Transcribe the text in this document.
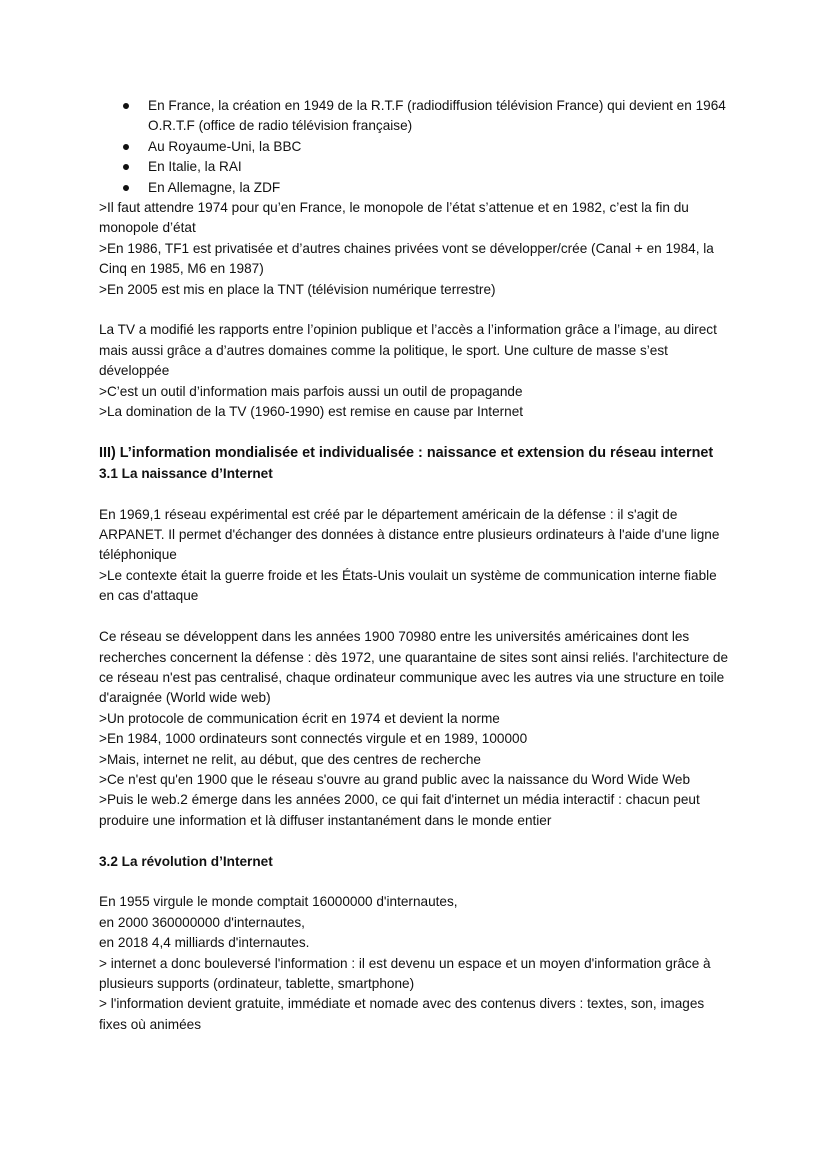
En France, la création en 1949 de la R.T.F (radiodiffusion télévision France) qui devient en 1964 O.R.T.F (office de radio télévision française)
Au Royaume-Uni, la BBC
En Italie, la RAI
En Allemagne, la ZDF

>Il faut attendre 1974 pour qu’en France, le monopole de l’état s’attenue et en 1982, c’est la fin du monopole d’état

>En 1986, TF1 est privatisée et d’autres chaines privées vont se développer/crée (Canal + en 1984, la Cinq en 1985, M6 en 1987)

>En 2005 est mis en place la TNT (télévision numérique terrestre)

La TV a modifié les rapports entre l’opinion publique et l’accès a l’information grâce a l’image, au direct mais aussi grâce a d’autres domaines comme la politique, le sport. Une culture de masse s’est développée

>C’est un outil d’information mais parfois aussi un outil de propagande

>La domination de la TV (1960-1990) est remise en cause par Internet

III) L’information mondialisée et individualisée : naissance et extension du réseau internet

3.1 La naissance d’Internet

En 1969,1 réseau expérimental est créé par le département américain de la défense : il s'agit de ARPANET. Il permet d'échanger des données à distance entre plusieurs ordinateurs à l'aide d'une ligne téléphonique

>Le contexte était la guerre froide et les États-Unis voulait un système de communication interne fiable en cas d'attaque

Ce réseau se développent dans les années 1900 70980 entre les universités américaines dont les recherches concernent la défense : dès 1972, une quarantaine de sites sont ainsi reliés. l'architecture de ce réseau n'est pas centralisé, chaque ordinateur communique avec les autres via une structure en toile d'araignée (World wide web)

>Un protocole de communication écrit en 1974 et devient la norme

>En 1984, 1000 ordinateurs sont connectés virgule et en 1989, 100000

>Mais, internet ne relit, au début, que des centres de recherche

>Ce n'est qu'en 1900 que le réseau s'ouvre au grand public avec la naissance du Word Wide Web

>Puis le web.2 émerge dans les années 2000, ce qui fait d'internet un média interactif : chacun peut produire une information et là diffuser instantanément dans le monde entier

3.2 La révolution d’Internet

En 1955 virgule le monde comptait 16000000 d'internautes,

en 2000 360000000 d'internautes,

en 2018 4,4 milliards d'internautes.

> internet a donc bouleversé l'information : il est devenu un espace et un moyen d'information grâce à plusieurs supports (ordinateur, tablette, smartphone)

> l'information devient gratuite, immédiate et nomade avec des contenus divers : textes, son, images fixes où animées
